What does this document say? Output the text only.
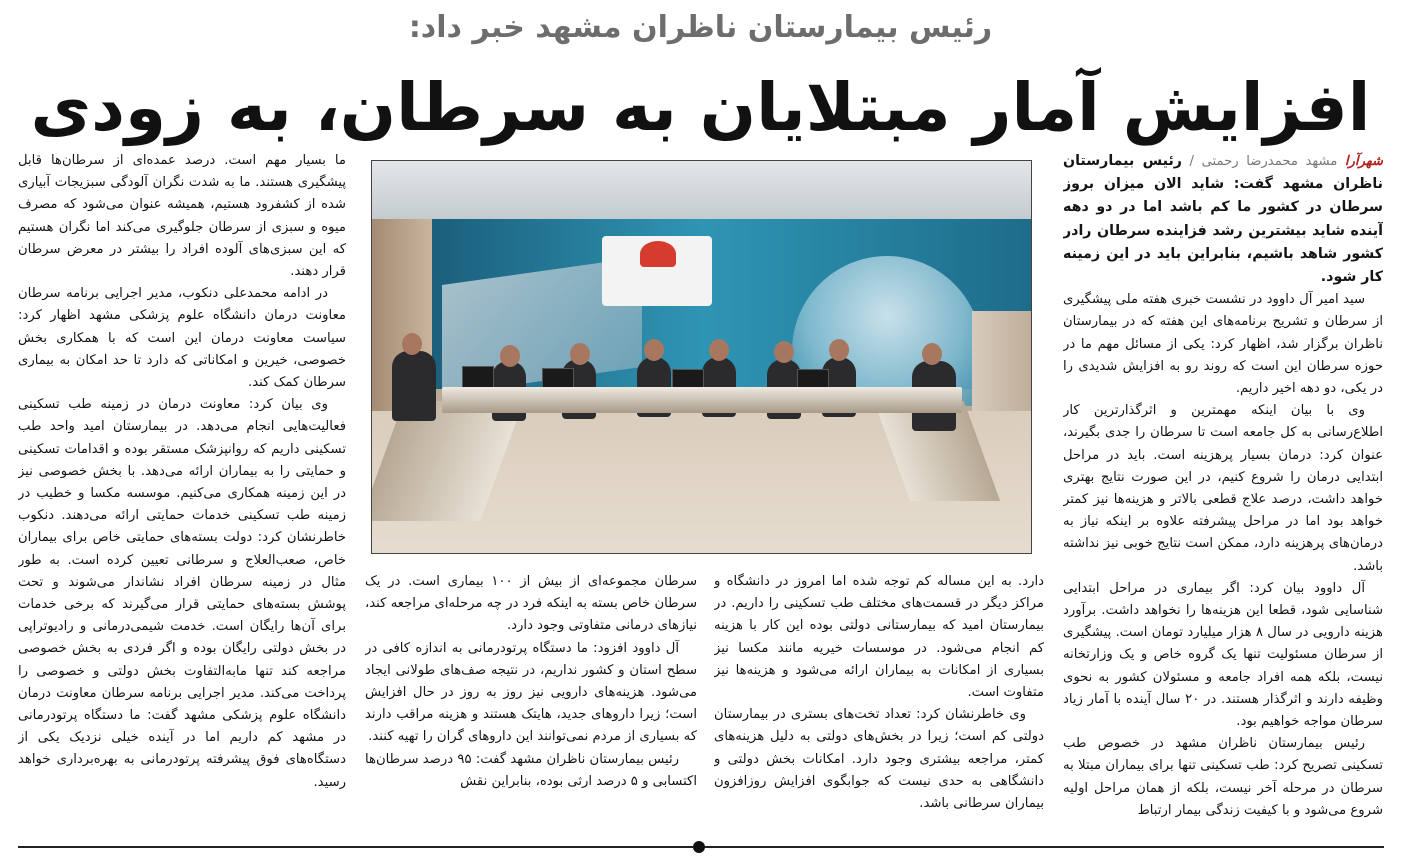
رئیس بیمارستان ناظران مشهد خبر داد:
افزایش آمار مبتلایان به سرطان، به زودی

شهرآرا مشهد محمدرضا رحمتی / رئیس بیمارستان ناظران مشهد گفت: شاید الان میزان بروز سرطان در کشور ما کم باشد اما در دو دهه آینده شاید بیشترین رشد فزاینده سرطان رادر کشور شاهد باشیم، بنابراین باید در این زمینه کار شود.

سید امیر آل داوود در نشست خبری هفته ملی پیشگیری از سرطان و تشریح برنامه‌های این هفته که در بیمارستان ناظران برگزار شد، اظهار کرد: یکی از مسائل مهم ما در حوزه سرطان این است که روند رو به افزایش شدیدی را در یکی، دو دهه اخیر داریم.

وی با بیان اینکه مهمترین و اثرگذارترین کار اطلاع‌رسانی به کل جامعه است تا سرطان را جدی بگیرند، عنوان کرد: درمان بسیار پرهزینه است. باید در مراحل ابتدایی درمان را شروع کنیم، در این صورت نتایج بهتری خواهد داشت، درصد علاج قطعی بالاتر و هزینه‌ها نیز کمتر خواهد بود اما در مراحل پیشرفته علاوه بر اینکه نیاز به درمان‌های پرهزینه دارد، ممکن است نتایج خوبی نیز نداشته باشد.

آل داوود بیان کرد: اگر بیماری در مراحل ابتدایی شناسایی شود، قطعا این هزینه‌ها را نخواهد داشت. برآورد هزینه دارویی در سال ۸ هزار میلیارد تومان است. پیشگیری از سرطان مسئولیت تنها یک گروه خاص و یک وزارتخانه نیست، بلکه همه افراد جامعه و مسئولان کشور به نحوی وظیفه دارند و اثرگذار هستند. در ۲۰ سال آینده با آمار زیاد سرطان مواجه خواهیم بود.

رئیس بیمارستان ناظران مشهد در خصوص طب تسکینی تصریح کرد: طب تسکینی تنها برای بیماران مبتلا به سرطان در مرحله آخر نیست، بلکه از همان مراحل اولیه شروع می‌شود و با کیفیت زندگی بیمار ارتباط

دارد. به این مساله کم توجه شده اما امروز در دانشگاه و مراکز دیگر در قسمت‌های مختلف طب تسکینی را داریم. در بیمارستان امید که بیمارستانی دولتی بوده این کار با هزینه کم انجام می‌شود. در موسسات خیریه مانند مکسا نیز بسیاری از امکانات به بیماران ارائه می‌شود و هزینه‌ها نیز متفاوت است.

وی خاطرنشان کرد: تعداد تخت‌های بستری در بیمارستان دولتی کم است؛ زیرا در بخش‌های دولتی به دلیل هزینه‌های کمتر، مراجعه بیشتری وجود دارد. امکانات بخش دولتی و دانشگاهی به حدی نیست که جوابگوی افزایش روزافزون بیماران سرطانی باشد.

سرطان مجموعه‌ای از بیش از ۱۰۰ بیماری است. در یک سرطان خاص بسته به اینکه فرد در چه مرحله‌ای مراجعه کند، نیازهای درمانی متفاوتی وجود دارد.

آل داوود افزود: ما دستگاه پرتودرمانی به اندازه کافی در سطح استان و کشور نداریم، در نتیجه صف‌های طولانی ایجاد می‌شود. هزینه‌های دارویی نیز روز به روز در حال افزایش است؛ زیرا داروهای جدید، هایتک هستند و هزینه مراقب دارند که بسیاری از مردم نمی‌توانند این داروهای گران را تهیه کنند.

رئیس بیمارستان ناظران مشهد گفت: ۹۵ درصد سرطان‌ها اکتسابی و ۵ درصد ارثی بوده، بنابراین نقش

ما بسیار مهم است. درصد عمده‌ای از سرطان‌ها قابل پیشگیری هستند. ما به شدت نگران آلودگی سبزیجات آبیاری شده از کشفرود هستیم، همیشه عنوان می‌شود که مصرف میوه و سبزی از سرطان جلوگیری می‌کند اما نگران هستیم که این سبزی‌های آلوده افراد را بیشتر در معرض سرطان قرار دهند.

در ادامه محمدعلی دنکوب، مدیر اجرایی برنامه سرطان معاونت درمان دانشگاه علوم پزشکی مشهد اظهار کرد: سیاست معاونت درمان این است که با همکاری بخش خصوصی، خیرین و امکاناتی که دارد تا حد امکان به بیماری سرطان کمک کند.

وی بیان کرد: معاونت درمان در زمینه طب تسکینی فعالیت‌هایی انجام می‌دهد. در بیمارستان امید واحد طب تسکینی داریم که روانپزشک مستقر بوده و اقدامات تسکینی و حمایتی را به بیماران ارائه می‌دهد. با بخش خصوصی نیز در این زمینه همکاری می‌کنیم. موسسه مکسا و خطیب در زمینه طب تسکینی خدمات حمایتی ارائه می‌دهند. دنکوب خاطرنشان کرد: دولت بسته‌های حمایتی خاص برای بیماران خاص، صعب‌العلاج و سرطانی تعیین کرده است. به طور مثال در زمینه سرطان افراد نشاندار می‌شوند و تحت پوشش بسته‌های حمایتی قرار می‌گیرند که برخی خدمات برای آن‌ها رایگان است. خدمت شیمی‌درمانی و رادیوتراپی در بخش دولتی رایگان بوده و اگر فردی به بخش خصوصی مراجعه کند تنها مابه‌التفاوت بخش دولتی و خصوصی را پرداخت می‌کند. مدیر اجرایی برنامه سرطان معاونت درمان دانشگاه علوم پزشکی مشهد گفت: ما دستگاه پرتودرمانی در مشهد کم داریم اما در آینده خیلی نزدیک یکی از دستگاه‌های فوق پیشرفته پرتودرمانی به بهره‌برداری خواهد رسید.
